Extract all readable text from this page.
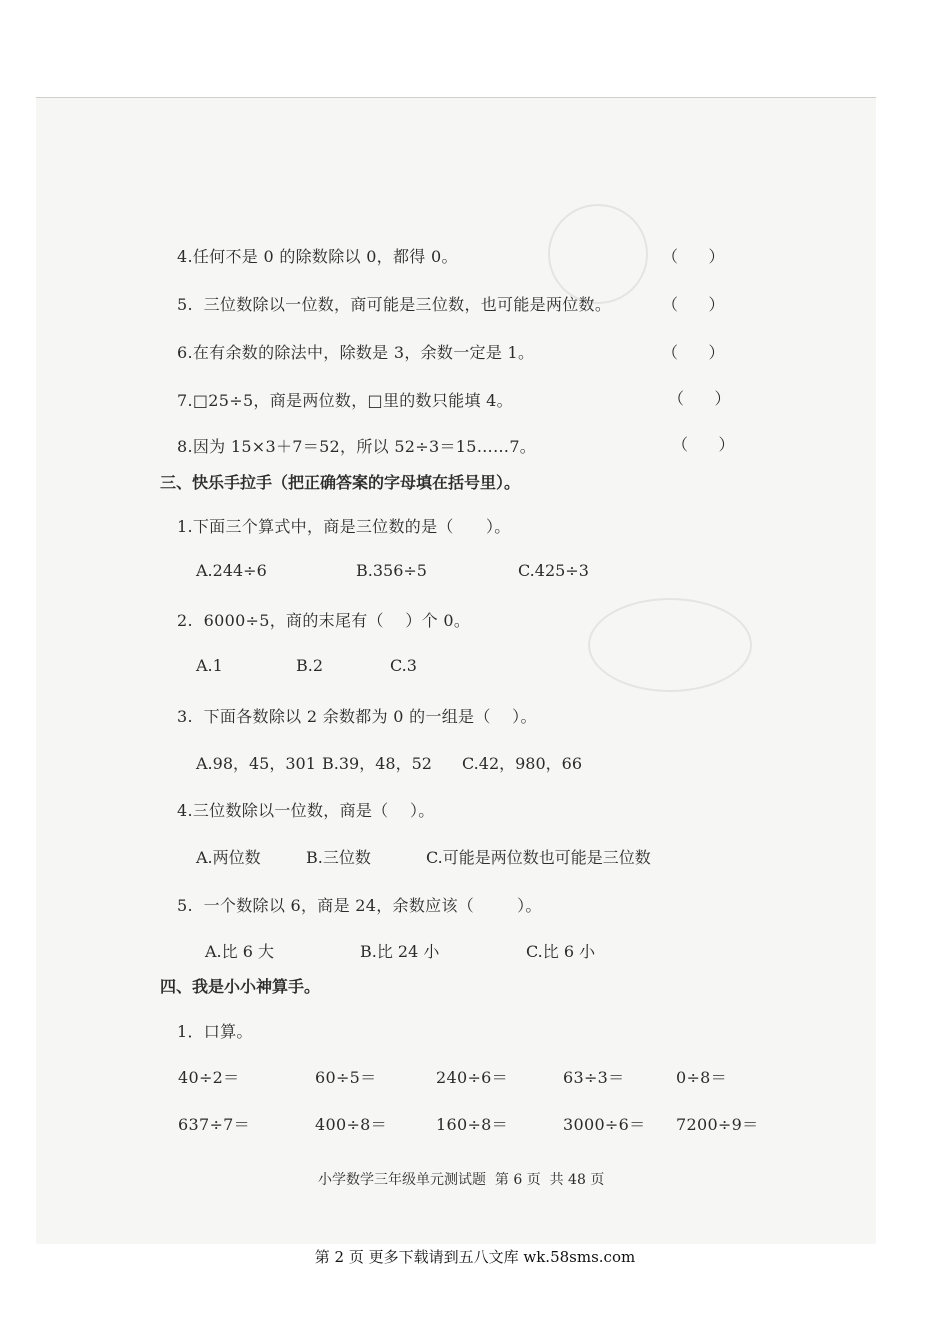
4.任何不是 0 的除数除以 0，都得 0。	（      ）
5.  三位数除以一位数，商可能是三位数，也可能是两位数。	（      ）
6.在有余数的除法中，除数是 3，余数一定是 1。	（      ）
7.□25÷5，商是两位数，□里的数只能填 4。	（      ）
8.因为 15×3＋7＝52，所以 52÷3＝15……7。	（      ）
三、快乐手拉手（把正确答案的字母填在括号里）。
1.下面三个算式中，商是三位数的是（      ）。
A.244÷6	B.356÷5	C.425÷3
2.  6000÷5，商的末尾有（    ）个 0。
A.1	B.2	C.3
3.  下面各数除以 2 余数都为 0 的一组是（    ）。
A.98，45，301 B.39，48，52 C.42，980，66
4.三位数除以一位数，商是（    ）。
A.两位数	B.三位数	C.可能是两位数也可能是三位数
5.  一个数除以 6，商是 24，余数应该（        ）。
A.比 6 大	B.比 24 小	C.比 6 小
四、我是小小神算手。
1．口算。
40÷2＝	60÷5＝	240÷6＝	63÷3＝	0÷8＝
637÷7＝	400÷8＝	160÷8＝	3000÷6＝ 7200÷9＝
小学数学三年级单元测试题  第 6 页  共 48 页
第 2 页 更多下载请到五八文库 wk.58sms.com
